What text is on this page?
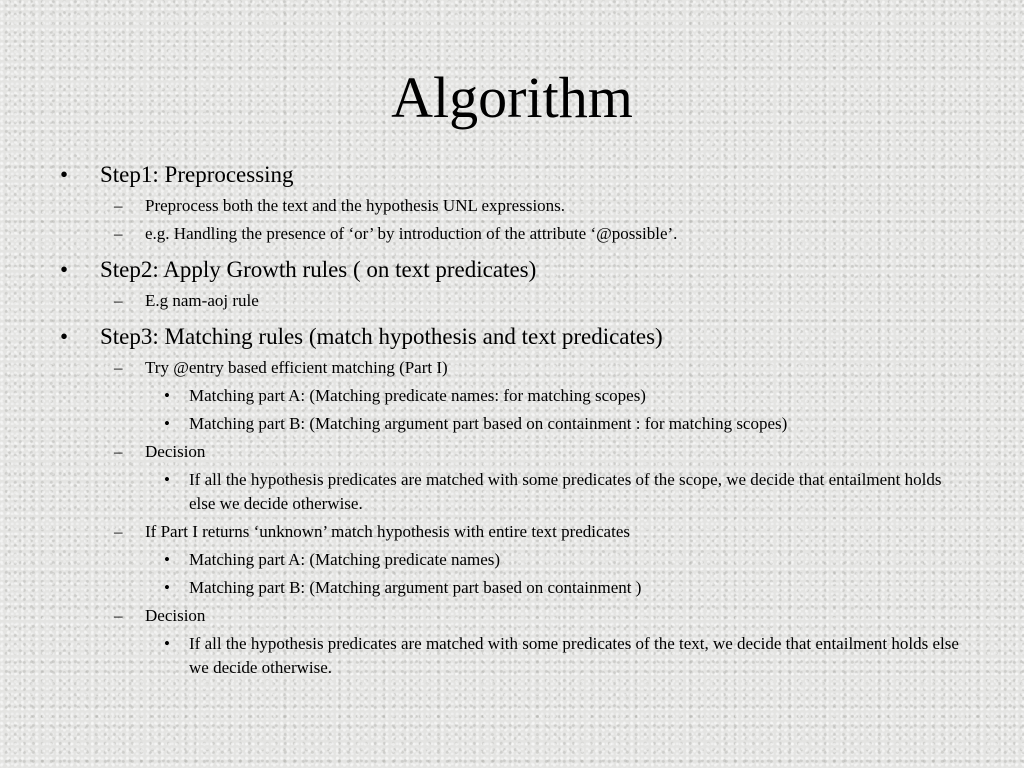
Algorithm
• Step1: Preprocessing
– Preprocess both the text and the hypothesis UNL expressions.
– e.g. Handling the presence of ‘or’ by introduction of the attribute ‘@possible’.
• Step2: Apply Growth rules ( on text predicates)
– E.g nam-aoj rule
• Step3: Matching rules (match hypothesis and text predicates)
– Try @entry based efficient matching (Part I)
• Matching part A: (Matching predicate names: for matching scopes)
• Matching part B: (Matching argument part based on containment : for matching scopes)
– Decision
• If all the hypothesis predicates are matched with some predicates of the scope, we decide that entailment holds else we decide otherwise.
– If Part I returns ‘unknown’ match hypothesis with entire text predicates
• Matching part A: (Matching predicate names)
• Matching part B: (Matching argument part based on containment )
– Decision
• If all the hypothesis predicates are matched with some predicates of the text, we decide that entailment holds else we decide otherwise.
